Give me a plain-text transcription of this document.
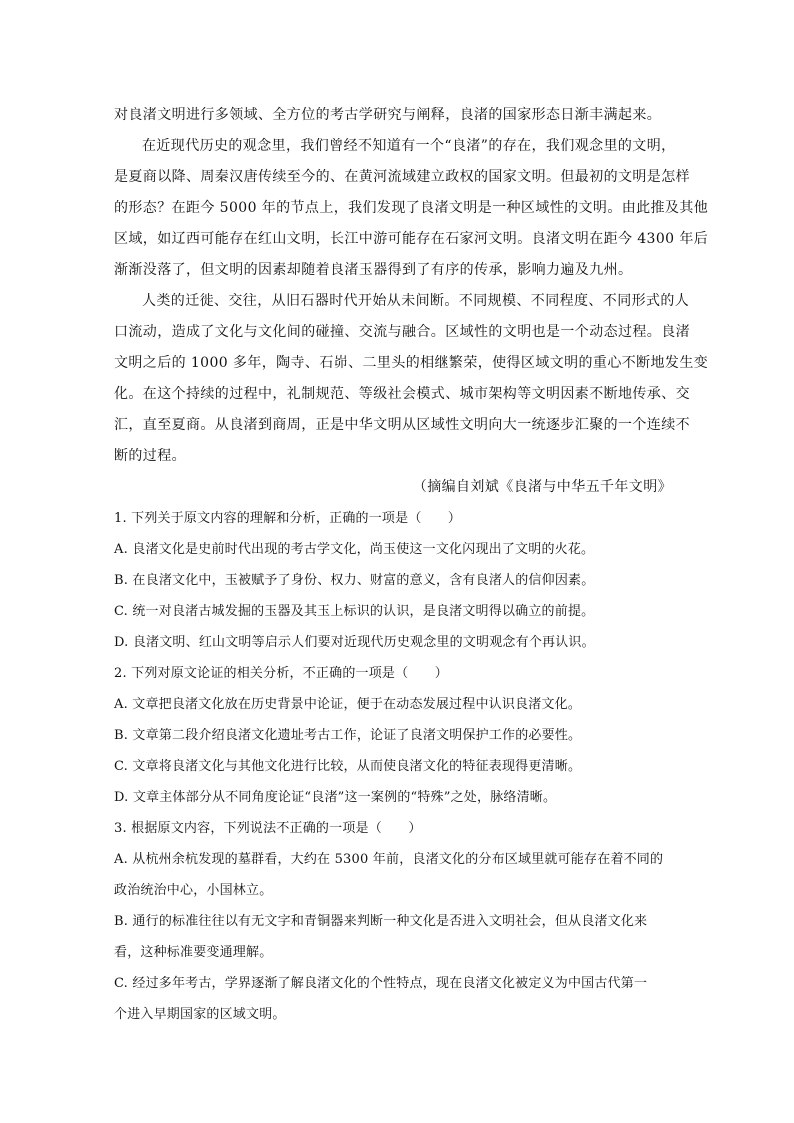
对良渚文明进行多领域、全方位的考古学研究与阐释，良渚的国家形态日渐丰满起来。

在近现代历史的观念里，我们曾经不知道有一个“良渚”的存在，我们观念里的文明，

是夏商以降、周秦汉唐传续至今的、在黄河流域建立政权的国家文明。但最初的文明是怎样

的形态？在距今 5000 年的节点上，我们发现了良渚文明是一种区域性的文明。由此推及其他

区域，如辽西可能存在红山文明，长江中游可能存在石家河文明。良渚文明在距今 4300 年后

渐渐没落了，但文明的因素却随着良渚玉器得到了有序的传承，影响力遍及九州。

人类的迁徙、交往，从旧石器时代开始从未间断。不同规模、不同程度、不同形式的人

口流动，造成了文化与文化间的碰撞、交流与融合。区域性的文明也是一个动态过程。良渚

文明之后的 1000 多年，陶寺、石峁、二里头的相继繁荣，使得区域文明的重心不断地发生变

化。在这个持续的过程中，礼制规范、等级社会模式、城市架构等文明因素不断地传承、交

汇，直至夏商。从良渚到商周，正是中华文明从区域性文明向大一统逐步汇聚的一个连续不

断的过程。

（摘编自刘斌《良渚与中华五千年文明》

1. 下列关于原文内容的理解和分析，正确的一项是（　　）

A. 良渚文化是史前时代出现的考古学文化，尚玉使这一文化闪现出了文明的火花。

B. 在良渚文化中，玉被赋予了身份、权力、财富的意义，含有良渚人的信仰因素。

C. 统一对良渚古城发掘的玉器及其玉上标识的认识，是良渚文明得以确立的前提。

D. 良渚文明、红山文明等启示人们要对近现代历史观念里的文明观念有个再认识。

2. 下列对原文论证的相关分析，不正确的一项是（　　）

A. 文章把良渚文化放在历史背景中论证，便于在动态发展过程中认识良渚文化。

B. 文章第二段介绍良渚文化遗址考古工作，论证了良渚文明保护工作的必要性。

C. 文章将良渚文化与其他文化进行比较，从而使良渚文化的特征表现得更清晰。

D. 文章主体部分从不同角度论证“良渚”这一案例的“特殊”之处，脉络清晰。

3. 根据原文内容，下列说法不正确的一项是（　　）

A. 从杭州余杭发现的墓群看，大约在 5300 年前，良渚文化的分布区域里就可能存在着不同的

政治统治中心，小国林立。

B. 通行的标准往往以有无文字和青铜器来判断一种文化是否进入文明社会，但从良渚文化来

看，这种标准要变通理解。

C. 经过多年考古，学界逐渐了解良渚文化的个性特点，现在良渚文化被定义为中国古代第一

个进入早期国家的区域文明。
